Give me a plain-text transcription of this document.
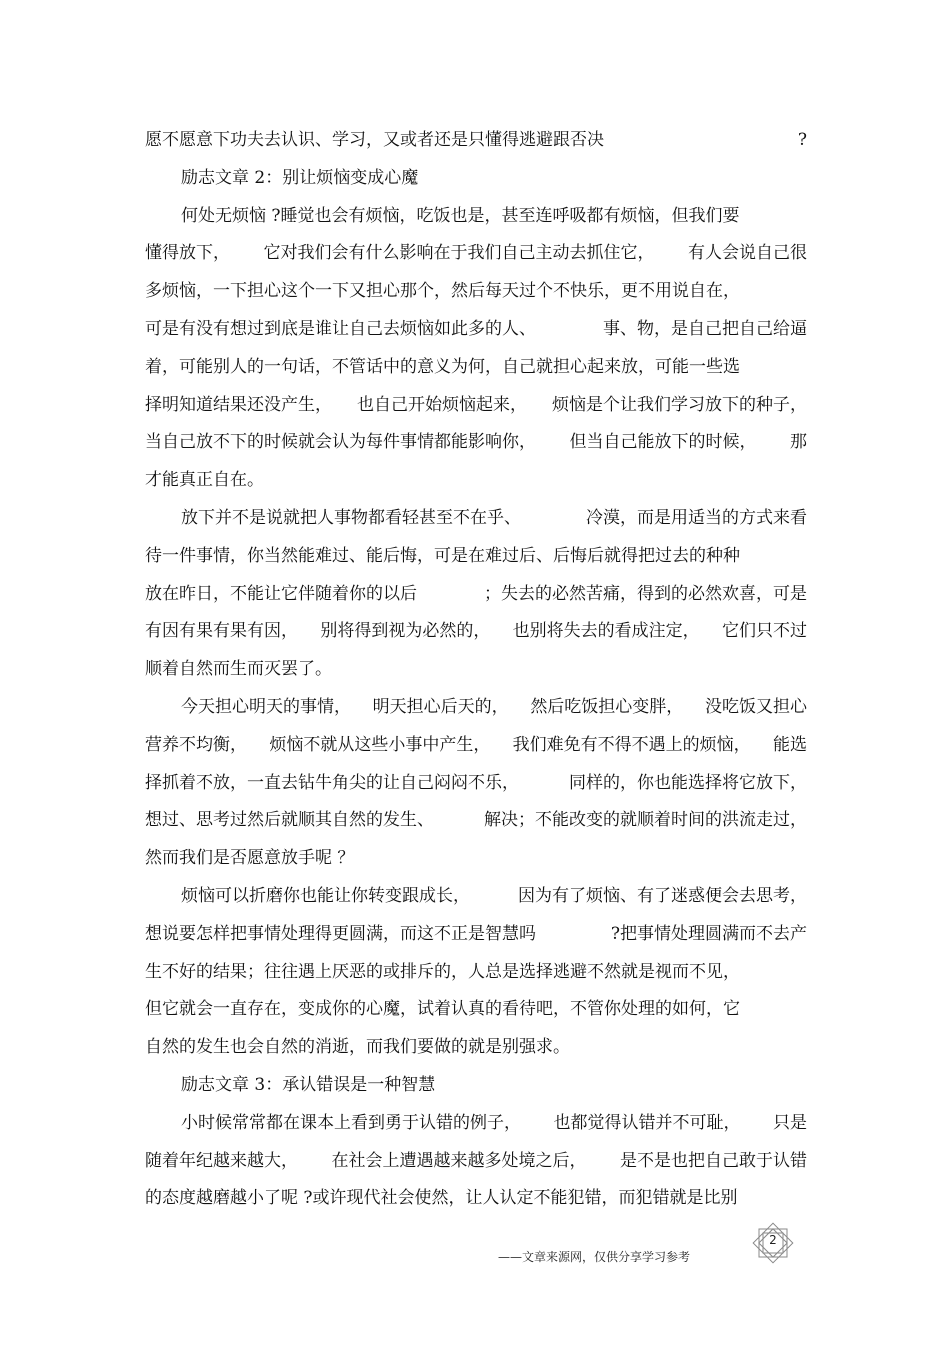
愿不愿意下功夫去认识、学习，又或者还是只懂得逃避跟否决	?
励志文章 2：别让烦恼变成心魔
何处无烦恼 ?睡觉也会有烦恼，吃饭也是，甚至连呼吸都有烦恼，但我们要
懂得放下， 它对我们会有什么影响在于我们自己主动去抓住它， 有人会说自己很
多烦恼，一下担心这个一下又担心那个，然后每天过个不快乐，更不用说自在，
可是有没有想过到底是谁让自己去烦恼如此多的人、	事、物，是自己把自己给逼
着，可能别人的一句话，不管话中的意义为何，自己就担心起来放，可能一些选
择明知道结果还没产生， 也自己开始烦恼起来， 烦恼是个让我们学习放下的种子，
当自己放不下的时候就会认为每件事情都能影响你， 但当自己能放下的时候， 那
才能真正自在。
放下并不是说就把人事物都看轻甚至不在乎、	冷漠，而是用适当的方式来看
待一件事情，你当然能难过、能后悔，可是在难过后、后悔后就得把过去的种种
放在昨日，不能让它伴随着你的以后	；失去的必然苦痛，得到的必然欢喜，可是
有因有果有果有因， 别将得到视为必然的， 也别将失去的看成注定， 它们只不过
顺着自然而生而灭罢了。
今天担心明天的事情， 明天担心后天的， 然后吃饭担心变胖， 没吃饭又担心
营养不均衡， 烦恼不就从这些小事中产生， 我们难免有不得不遇上的烦恼， 能选
择抓着不放，一直去钻牛角尖的让自己闷闷不乐，	同样的，你也能选择将它放下，
想过、思考过然后就顺其自然的发生、	解决；不能改变的就顺着时间的洪流走过，
然而我们是否愿意放手呢 ？
烦恼可以折磨你也能让你转变跟成长，	因为有了烦恼、有了迷惑便会去思考，
想说要怎样把事情处理得更圆满，而这不正是智慧吗	?把事情处理圆满而不去产
生不好的结果；往往遇上厌恶的或排斥的，人总是选择逃避不然就是视而不见，
但它就会一直存在，变成你的心魔，试着认真的看待吧，不管你处理的如何，它
自然的发生也会自然的消逝，而我们要做的就是别强求。
励志文章 3：承认错误是一种智慧
小时候常常都在课本上看到勇于认错的例子， 也都觉得认错并不可耻， 只是
随着年纪越来越大， 在社会上遭遇越来越多处境之后， 是不是也把自己敢于认错
的态度越磨越小了呢 ?或许现代社会使然，让人认定不能犯错，而犯错就是比别
2
——文章来源网，仅供分享学习参考
